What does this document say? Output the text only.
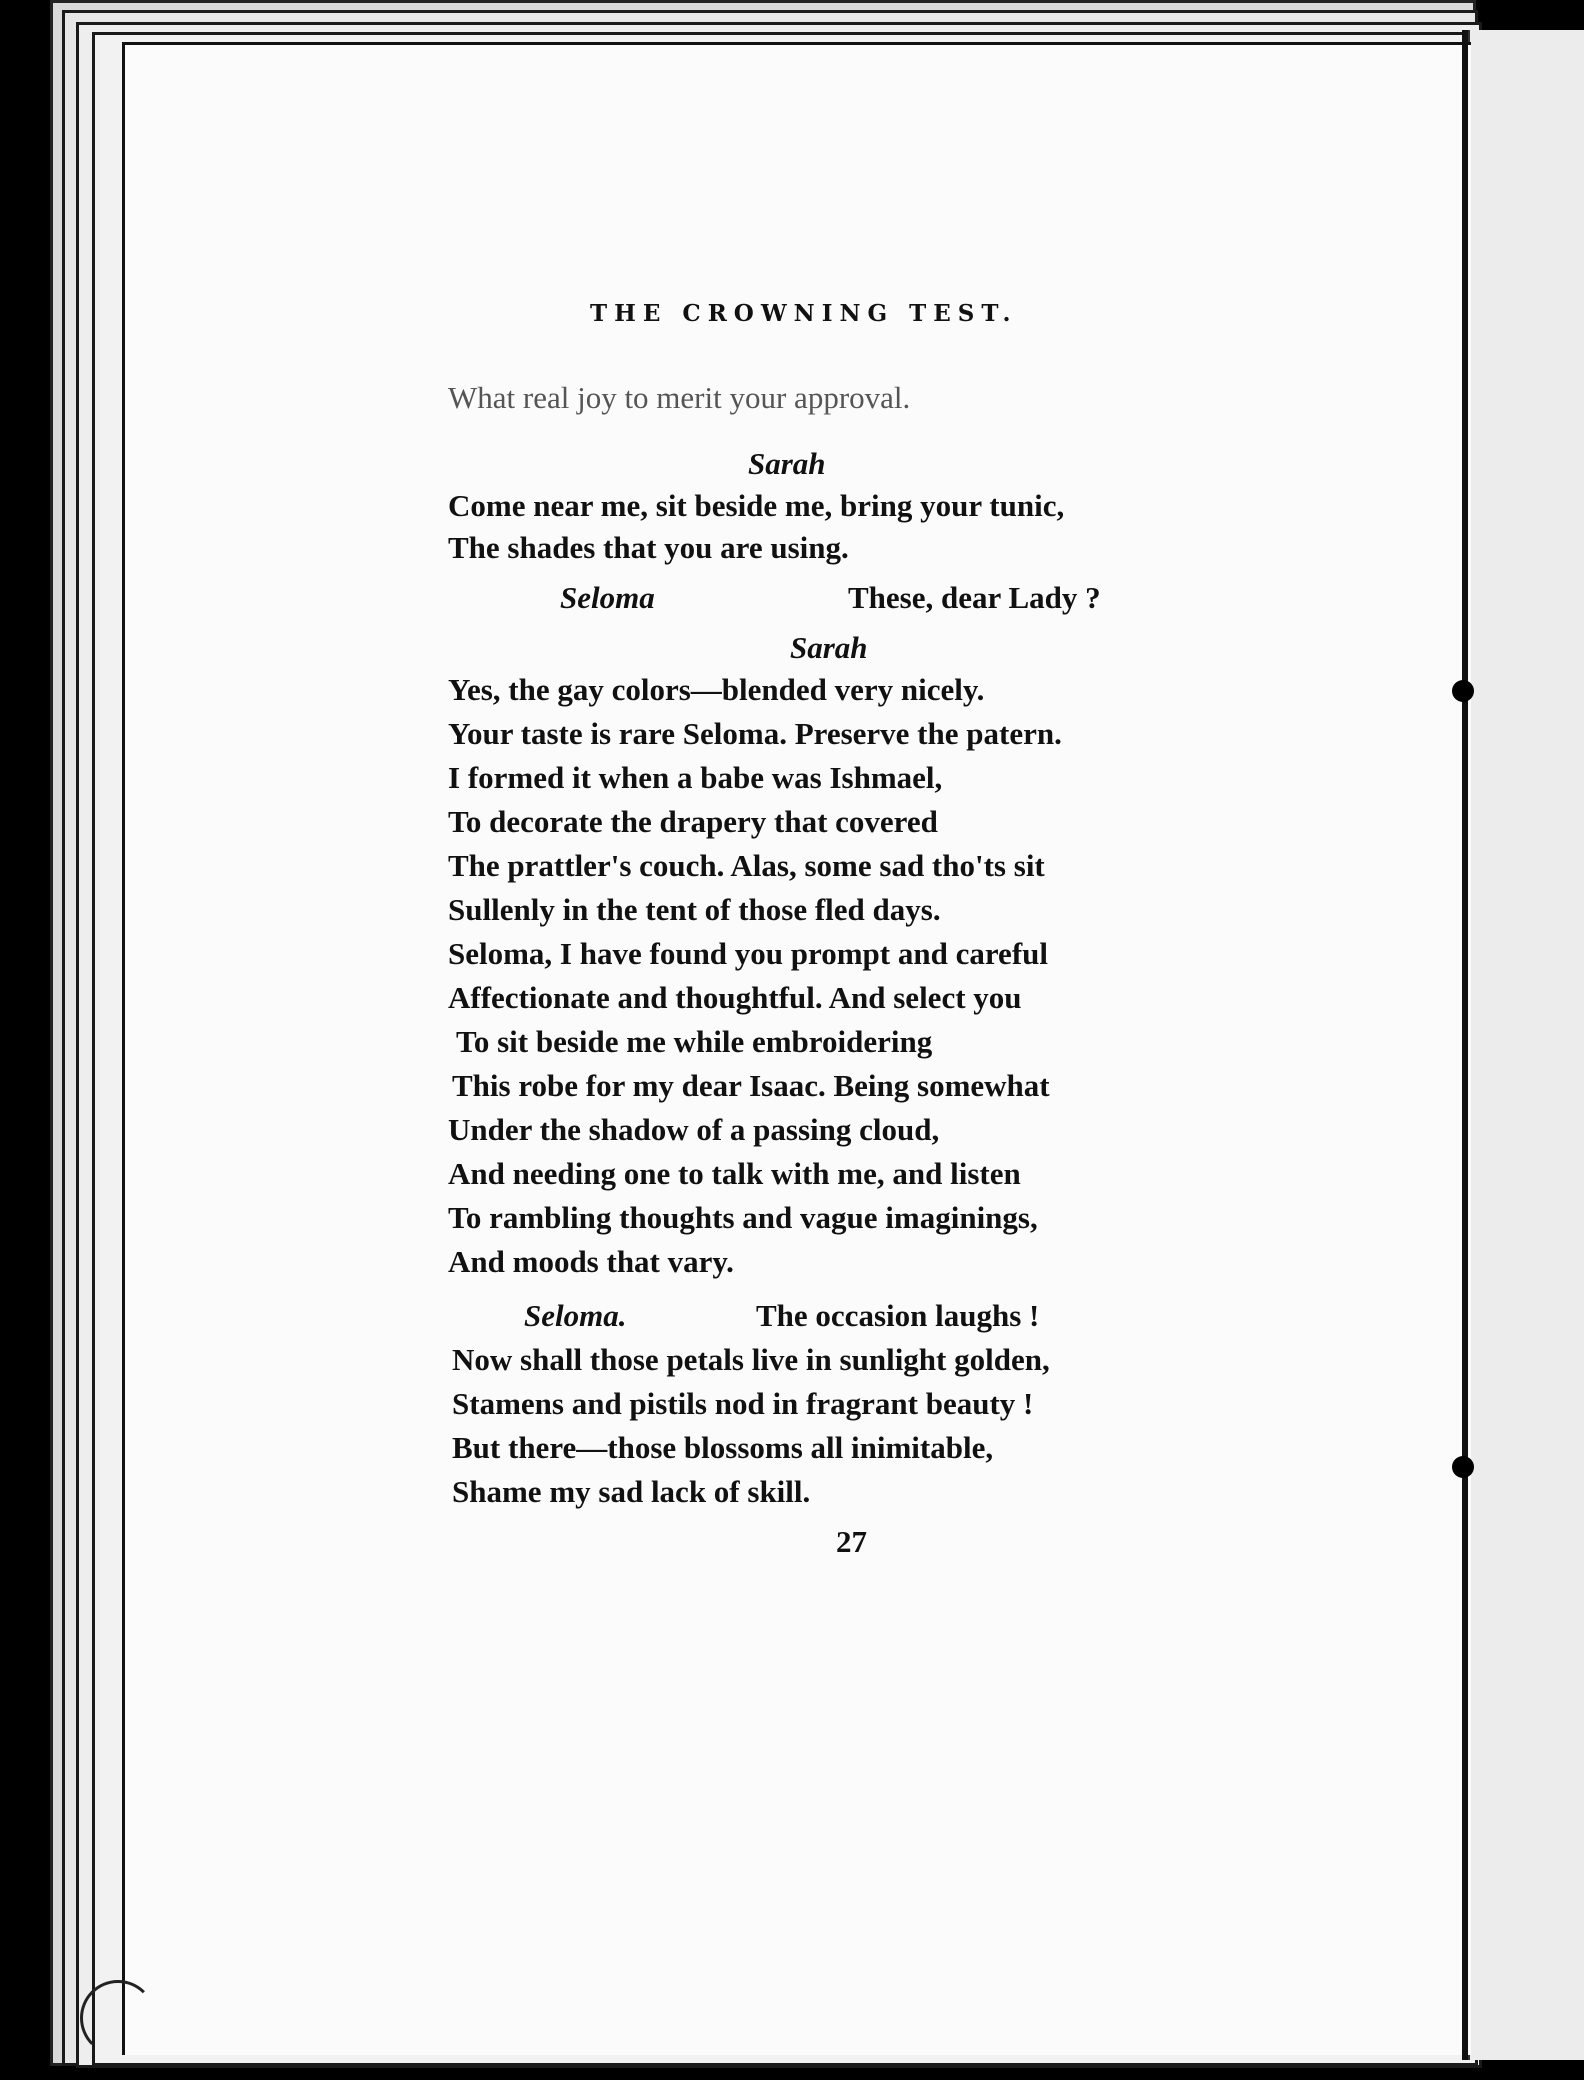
THE CROWNING TEST.
What real joy to merit your approval.
Sarah
Come near me, sit beside me, bring your tunic,
The shades that you are using.
Seloma	These, dear Lady ?
Sarah
Yes, the gay colors—blended very nicely.
Your taste is rare Seloma. Preserve the patern.
I formed it when a babe was Ishmael,
To decorate the drapery that covered
The prattler's couch. Alas, some sad tho'ts sit
Sullenly in the tent of those fled days.
Seloma, I have found you prompt and careful
Affectionate and thoughtful. And select you
To sit beside me while embroidering
This robe for my dear Isaac. Being somewhat
Under the shadow of a passing cloud,
And needing one to talk with me, and listen
To rambling thoughts and vague imaginings,
And moods that vary.
Seloma.	The occasion laughs !
Now shall those petals live in sunlight golden,
Stamens and pistils nod in fragrant beauty !
But there—those blossoms all inimitable,
Shame my sad lack of skill.
27
